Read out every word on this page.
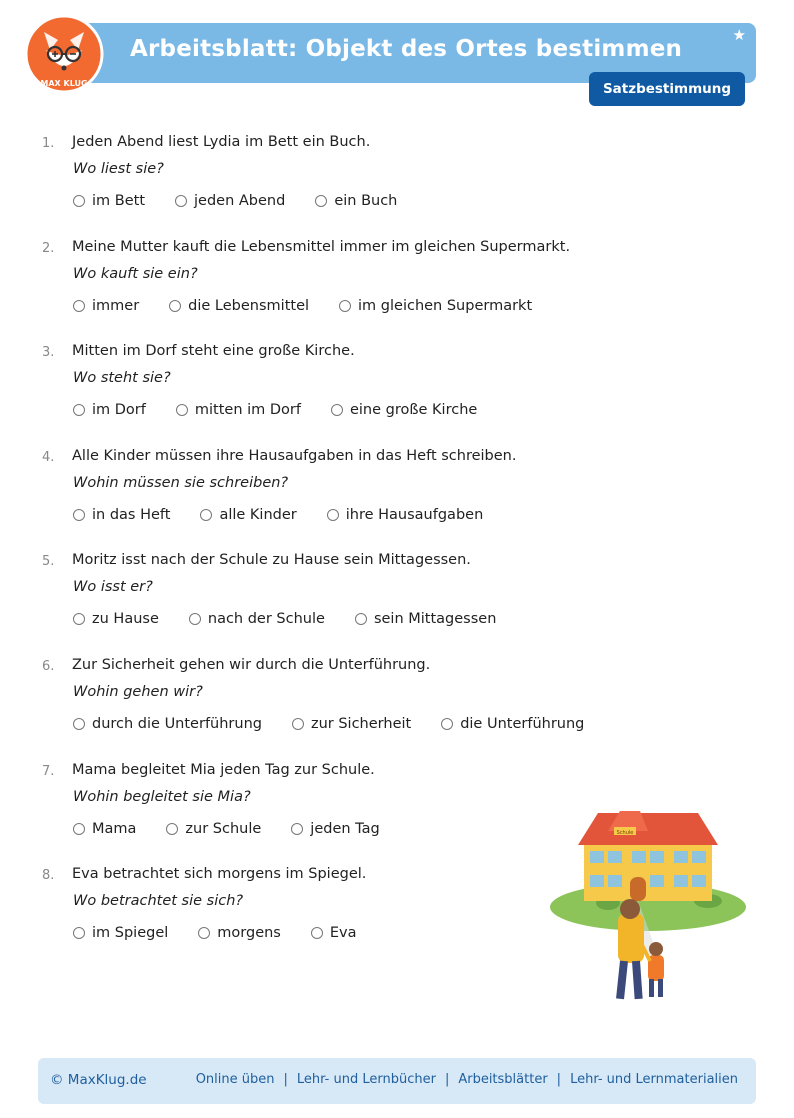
Arbeitsblatt: Objekt des Ortes bestimmen
★
MAX KLUG	Satzbestimmung
1. Jeden Abend liest Lydia im Bett ein Buch.
Wo liest sie?
im Bett	jeden Abend	ein Buch
2. Meine Mutter kauft die Lebensmittel immer im gleichen Supermarkt.
Wo kauft sie ein?
immer	die Lebensmittel	im gleichen Supermarkt
3. Mitten im Dorf steht eine große Kirche.
Wo steht sie?
im Dorf	mitten im Dorf	eine große Kirche
4. Alle Kinder müssen ihre Hausaufgaben in das Heft schreiben.
Wohin müssen sie schreiben?
in das Heft	alle Kinder	ihre Hausaufgaben
5. Moritz isst nach der Schule zu Hause sein Mittagessen.
Wo isst er?
zu Hause	nach der Schule	sein Mittagessen
6. Zur Sicherheit gehen wir durch die Unterführung.
Wohin gehen wir?
durch die Unterführung	zur Sicherheit	die Unterführung
7. Mama begleitet Mia jeden Tag zur Schule.
Wohin begleitet sie Mia?
Mama	zur Schule	jeden Tag
8. Eva betrachtet sich morgens im Spiegel.
Wo betrachtet sie sich?
im Spiegel	morgens	Eva
Schule
© MaxKlug.de	Online üben | Lehr- und Lernbücher | Arbeitsblätter | Lehr- und Lernmaterialien
